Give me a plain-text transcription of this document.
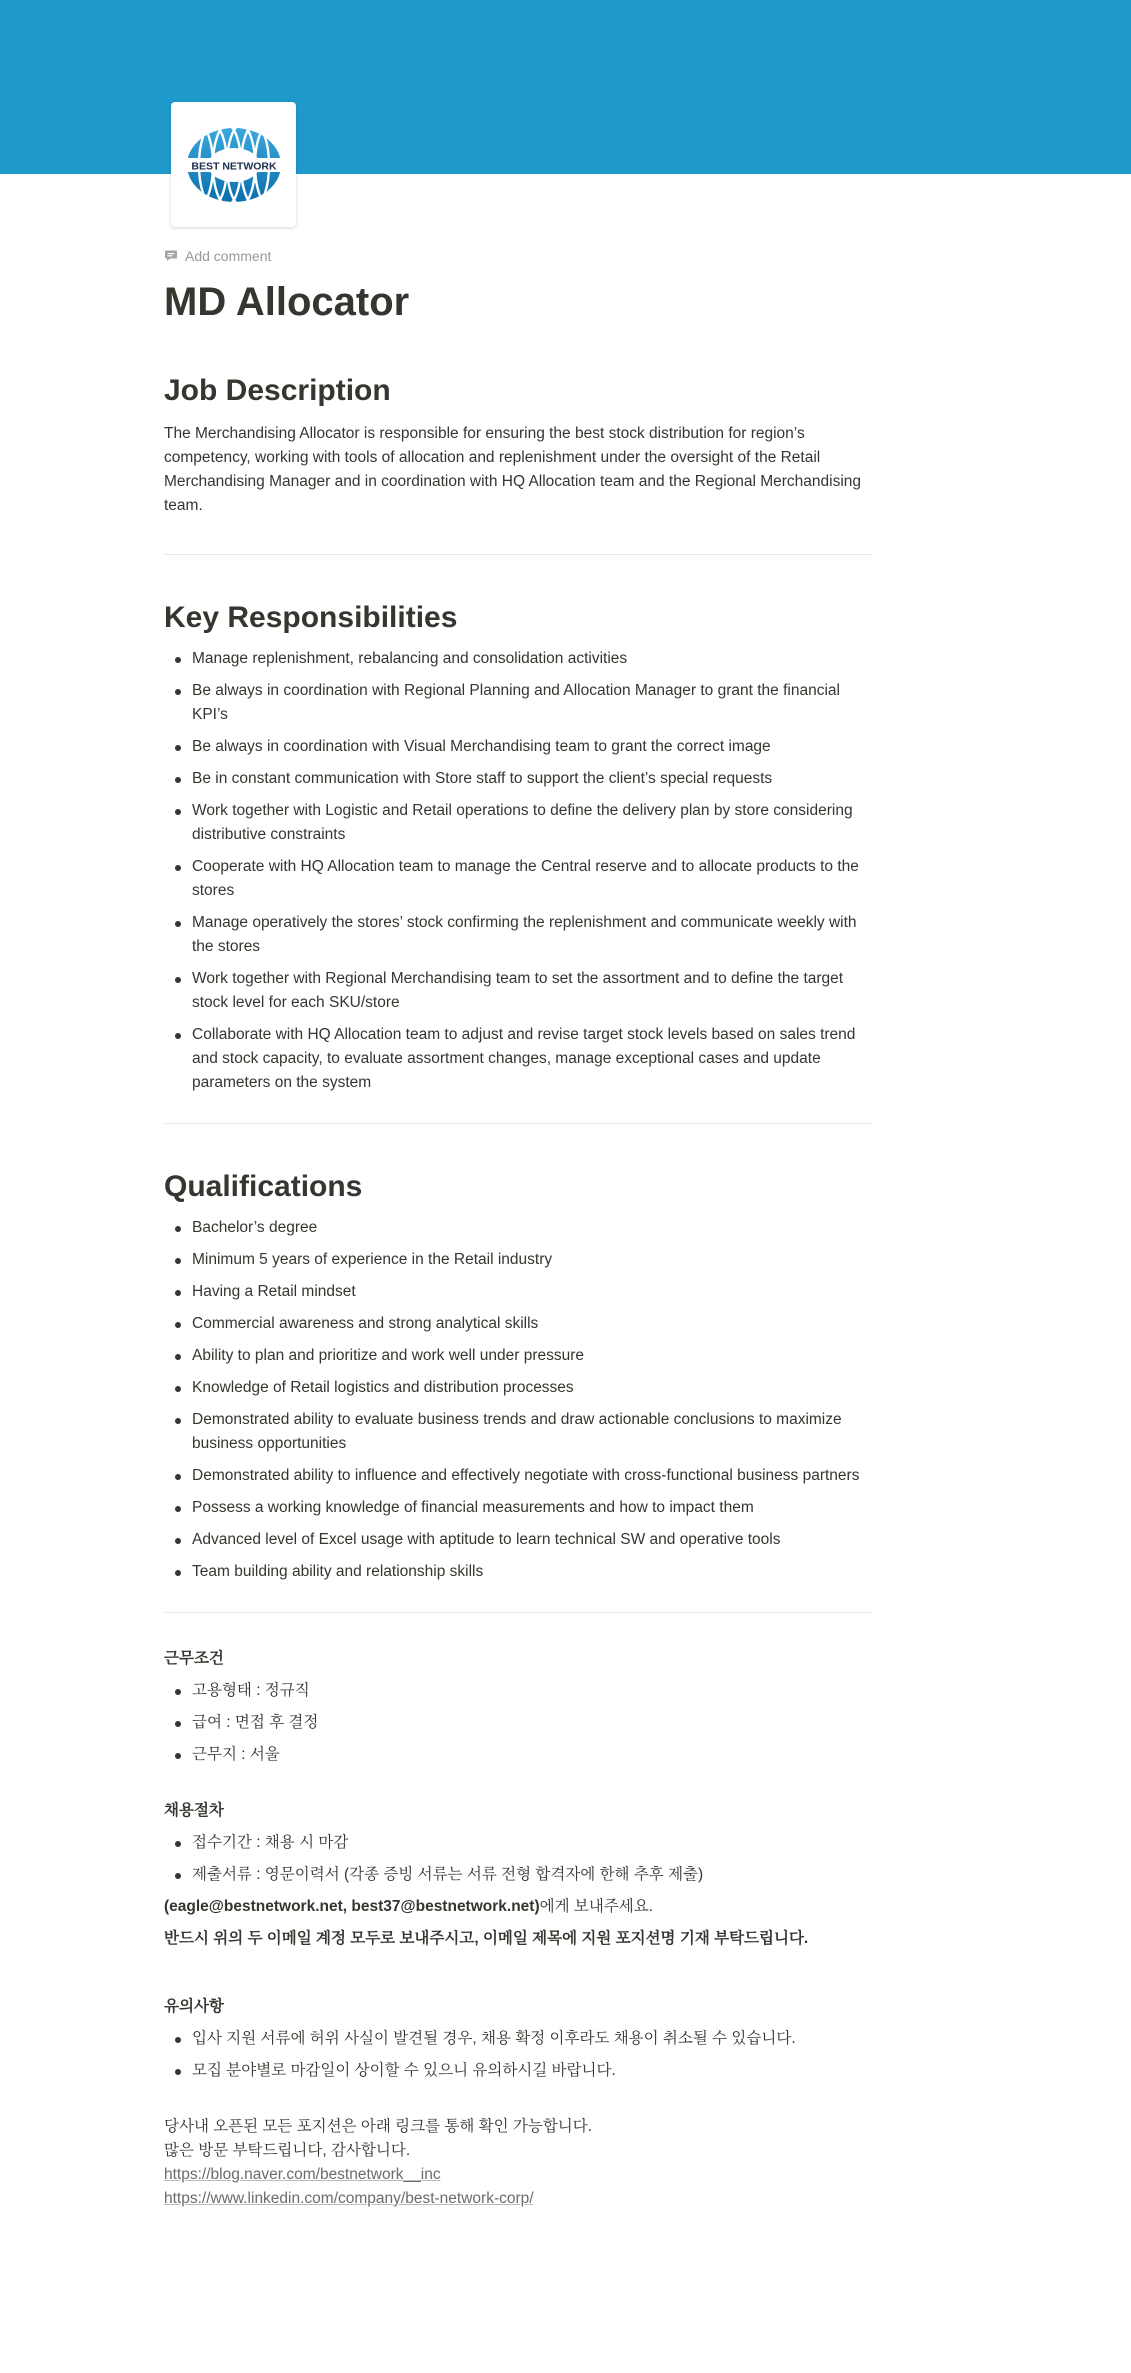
BEST NETWORK
Add comment
MD Allocator
Job Description

The Merchandising Allocator is responsible for ensuring the best stock distribution for region’s competency, working with tools of allocation and replenishment under the oversight of the Retail Merchandising Manager and in coordination with HQ Allocation team and the Regional Merchandising team.

Key Responsibilities
Manage replenishment, rebalancing and consolidation activities
Be always in coordination with Regional Planning and Allocation Manager to grant the financial KPI’s
Be always in coordination with Visual Merchandising team to grant the correct image
Be in constant communication with Store staff to support the client’s special requests
Work together with Logistic and Retail operations to define the delivery plan by store considering distributive constraints
Cooperate with HQ Allocation team to manage the Central reserve and to allocate products to the stores
Manage operatively the stores’ stock confirming the replenishment and communicate weekly with the stores
Work together with Regional Merchandising team to set the assortment and to define the target stock level for each SKU/store
Collaborate with HQ Allocation team to adjust and revise target stock levels based on sales trend and stock capacity, to evaluate assortment changes, manage exceptional cases and update parameters on the system
Qualifications
Bachelor’s degree
Minimum 5 years of experience in the Retail industry
Having a Retail mindset
Commercial awareness and strong analytical skills
Ability to plan and prioritize and work well under pressure
Knowledge of Retail logistics and distribution processes
Demonstrated ability to evaluate business trends and draw actionable conclusions to maximize business opportunities
Demonstrated ability to influence and effectively negotiate with cross-functional business partners
Possess a working knowledge of financial measurements and how to impact them
Advanced level of Excel usage with aptitude to learn technical SW and operative tools
Team building ability and relationship skills

근무조건

고용형태 : 정규직
급여 : 면접 후 결정
근무지 : 서울

채용절차

접수기간 : 채용 시 마감
제출서류 : 영문이력서 (각종 증빙 서류는 서류 전형 합격자에 한해 추후 제출)

(eagle@bestnetwork.net, best37@bestnetwork.net)에게 보내주세요.

반드시 위의 두 이메일 계정 모두로 보내주시고, 이메일 제목에 지원 포지션명 기재 부탁드립니다.

유의사항

입사 지원 서류에 허위 사실이 발견될 경우, 채용 확정 이후라도 채용이 취소될 수 있습니다.
모집 분야별로 마감일이 상이할 수 있으니 유의하시길 바랍니다.

당사내 오픈된 모든 포지션은 아래 링크를 통해 확인 가능합니다.

많은 방문 부탁드립니다, 감사합니다.

https://blog.naver.com/bestnetwork__inc
https://www.linkedin.com/company/best-network-corp/
